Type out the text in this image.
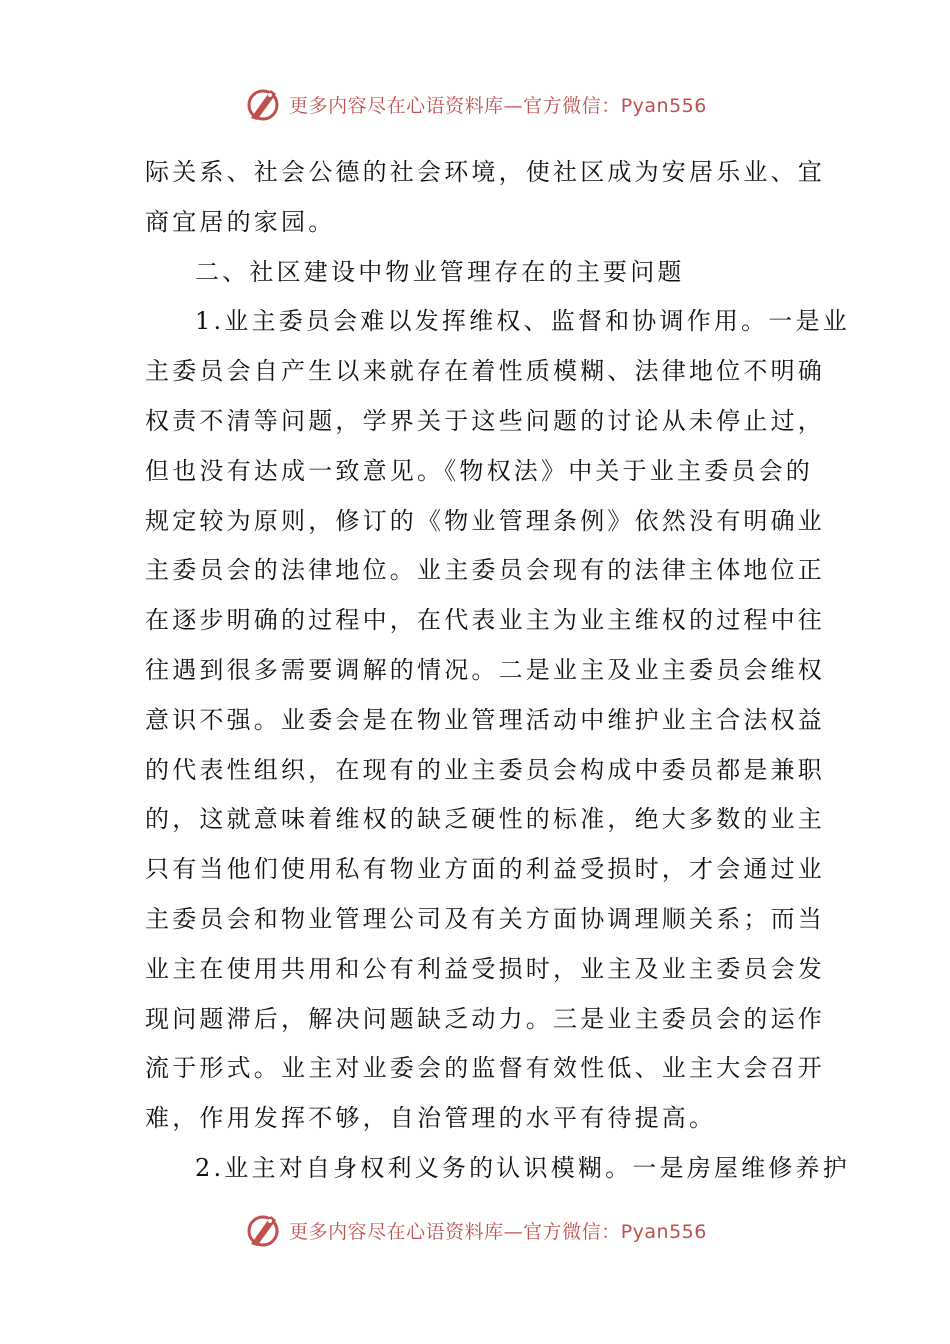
更多内容尽在心语资料库—官方微信：Pyan556
际关系、社会公德的社会环境，使社区成为安居乐业、宜
商宜居的家园。
二、社区建设中物业管理存在的主要问题
1.业主委员会难以发挥维权、监督和协调作用。一是业
主委员会自产生以来就存在着性质模糊、法律地位不明确
权责不清等问题，学界关于这些问题的讨论从未停止过，
但也没有达成一致意见。《物权法》中关于业主委员会的
规定较为原则，修订的《物业管理条例》依然没有明确业
主委员会的法律地位。业主委员会现有的法律主体地位正
在逐步明确的过程中，在代表业主为业主维权的过程中往
往遇到很多需要调解的情况。二是业主及业主委员会维权
意识不强。业委会是在物业管理活动中维护业主合法权益
的代表性组织，在现有的业主委员会构成中委员都是兼职
的，这就意味着维权的缺乏硬性的标准，绝大多数的业主
只有当他们使用私有物业方面的利益受损时，才会通过业
主委员会和物业管理公司及有关方面协调理顺关系；而当
业主在使用共用和公有利益受损时，业主及业主委员会发
现问题滞后，解决问题缺乏动力。三是业主委员会的运作
流于形式。业主对业委会的监督有效性低、业主大会召开
难，作用发挥不够，自治管理的水平有待提高。
2.业主对自身权利义务的认识模糊。一是房屋维修养护
更多内容尽在心语资料库—官方微信：Pyan556
